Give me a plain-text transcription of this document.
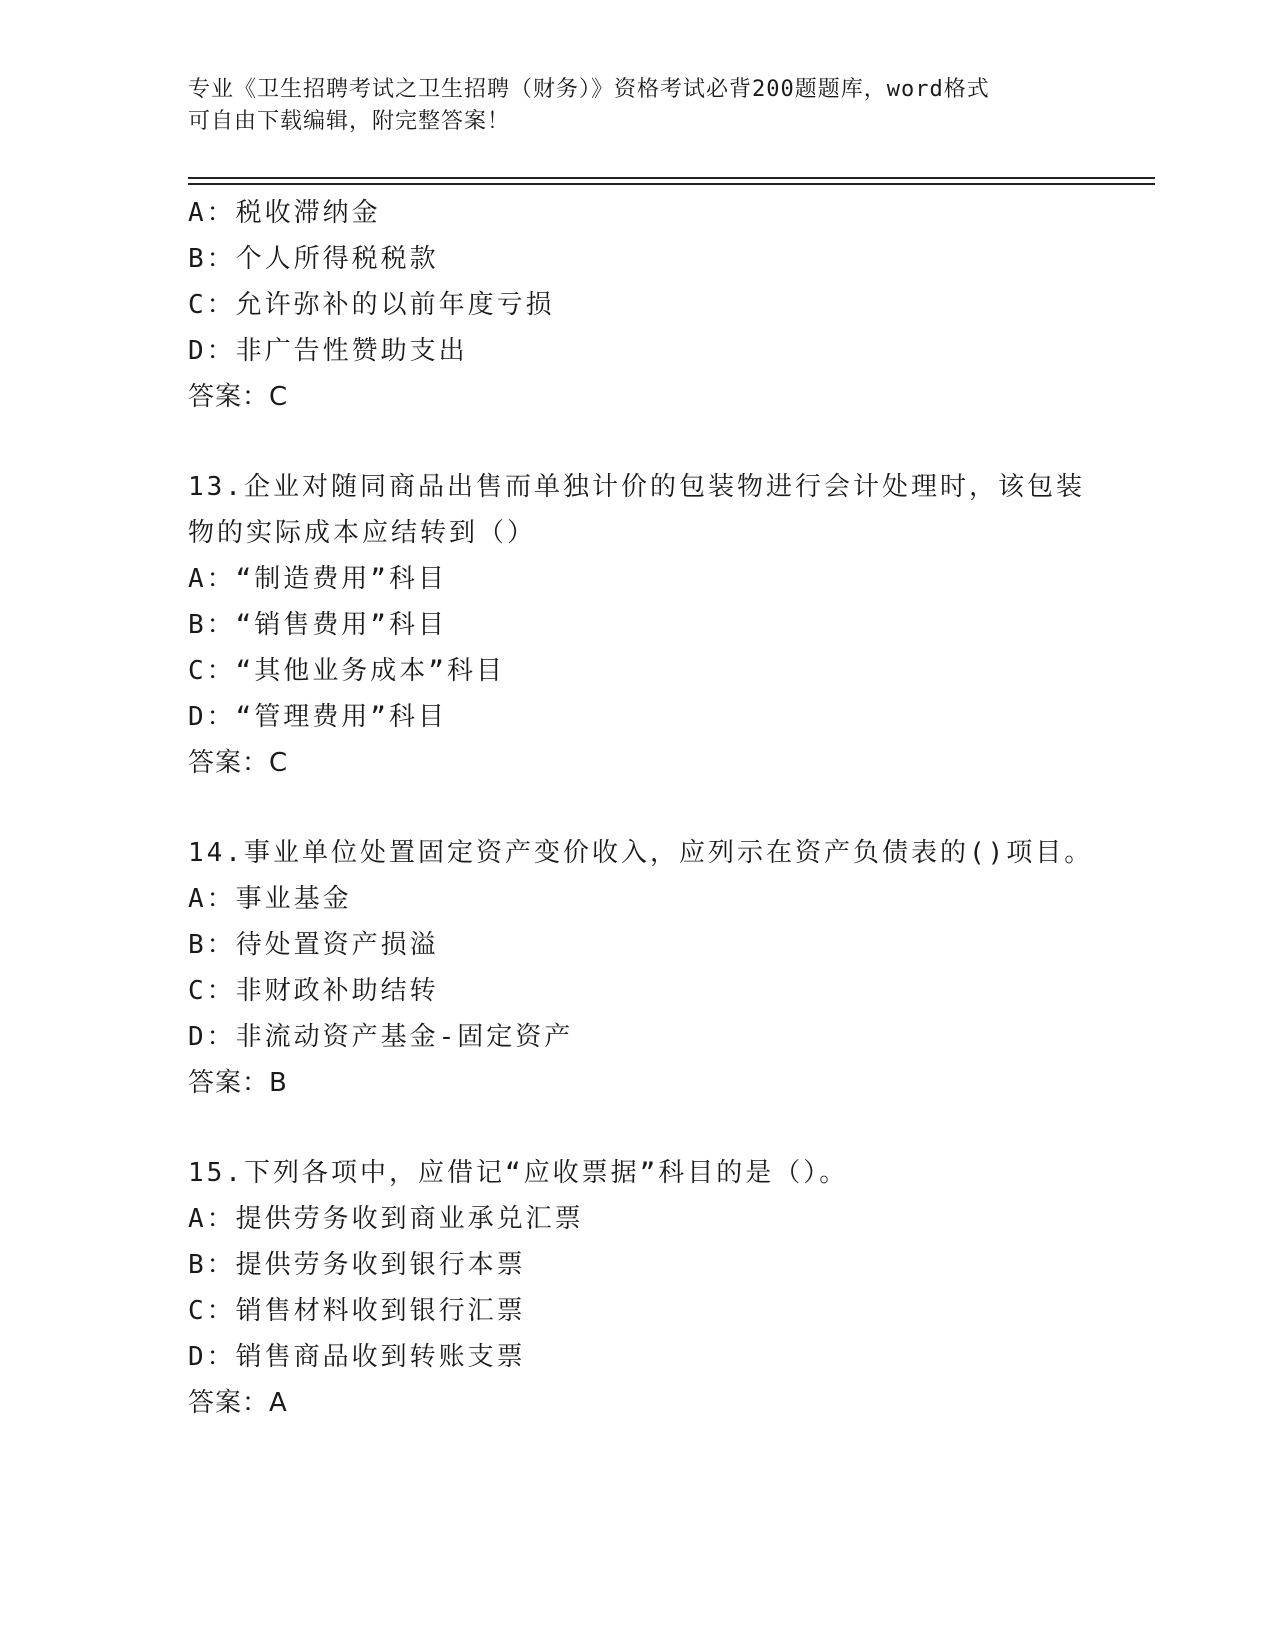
专业《卫生招聘考试之卫生招聘（财务）》资格考试必背200题题库，word格式
可自由下载编辑，附完整答案！
A：税收滞纳金
B：个人所得税税款
C：允许弥补的以前年度亏损
D：非广告性赞助支出
答案：C
13.企业对随同商品出售而单独计价的包装物进行会计处理时，该包装
物的实际成本应结转到（）
A：“制造费用”科目
B：“销售费用”科目
C：“其他业务成本”科目
D：“管理费用”科目
答案：C
14.事业单位处置固定资产变价收入，应列示在资产负债表的()项目。
A：事业基金
B：待处置资产损溢
C：非财政补助结转
D：非流动资产基金-固定资产
答案：B
15.下列各项中，应借记“应收票据”科目的是（）。
A：提供劳务收到商业承兑汇票
B：提供劳务收到银行本票
C：销售材料收到银行汇票
D：销售商品收到转账支票
答案：A
